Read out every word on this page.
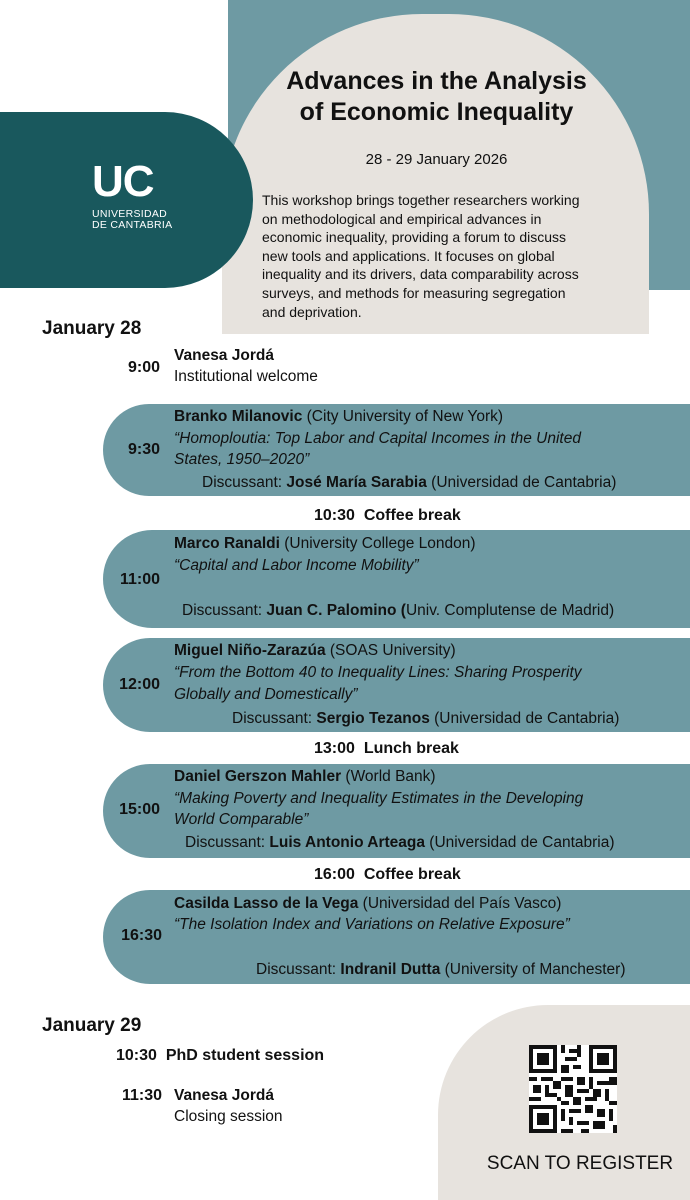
UC
UNIVERSIDAD
DE CANTABRIA
Advances in the Analysis
of Economic Inequality
28 - 29 January 2026
This workshop brings together researchers working
on methodological and empirical advances in
economic inequality, providing a forum to discuss
new tools and applications. It focuses on global
inequality and its drivers, data comparability across
surveys, and methods for measuring segregation
and deprivation.
January 28
9:00
Vanesa Jordá
Institutional welcome
9:30
Branko Milanovic (City University of New York)
“Homoploutia: Top Labor and Capital Incomes in the United
States, 1950–2020”
Discussant: José María Sarabia (Universidad de Cantabria)
10:30 Coffee break
11:00
Marco Ranaldi (University College London)
“Capital and Labor Income Mobility”
Discussant: Juan C. Palomino (Univ. Complutense de Madrid)
12:00
Miguel Niño-Zarazúa (SOAS University)
“From the Bottom 40 to Inequality Lines: Sharing Prosperity
Globally and Domestically”
Discussant: Sergio Tezanos (Universidad de Cantabria)
13:00 Lunch break
15:00
Daniel Gerszon Mahler (World Bank)
“Making Poverty and Inequality Estimates in the Developing
World Comparable”
Discussant: Luis Antonio Arteaga (Universidad de Cantabria)
16:00 Coffee break
16:30
Casilda Lasso de la Vega (Universidad del País Vasco)
“The Isolation Index and Variations on Relative Exposure”
Discussant: Indranil Dutta (University of Manchester)
SCAN TO REGISTER
January 29
10:30 PhD student session
11:30 Vanesa Jordá
Closing session
